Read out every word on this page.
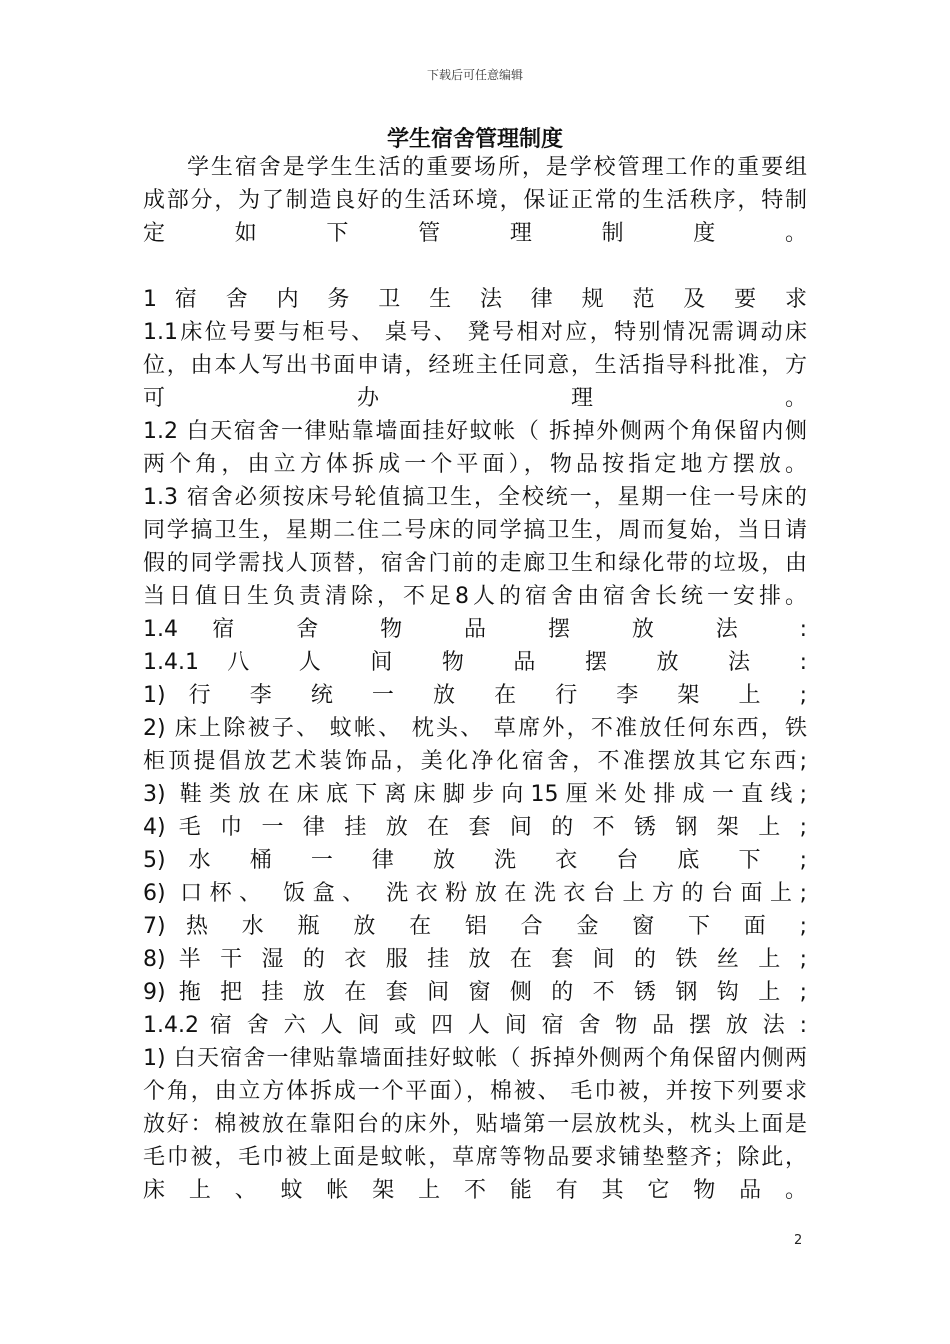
下载后可任意编辑
学生宿舍管理制度

学生宿舍是学生生活的重要场所，是学校管理工作的重要组
成部分，为了制造良好的生活环境，保证正常的生活秩序，特制
定 如 下 管 理 制 度 。

1 宿 舍 内 务 卫 生 法 律 规 范 及 要 求

1.1床位号要与柜号、 桌号、 凳号相对应，特别情况需调动床
位，由本人写出书面申请，经班主任同意，生活指导科批准，方
可 办 理 。

1.2 白天宿舍一律贴靠墙面挂好蚊帐（ 拆掉外侧两个角保留内侧
两个角，由立方体拆成一个平面），物品按指定地方摆放。

1.3 宿舍必须按床号轮值搞卫生，全校统一，星期一住一号床的
同学搞卫生，星期二住二号床的同学搞卫生，周而复始，当日请
假的同学需找人顶替，宿舍门前的走廊卫生和绿化带的垃圾，由
当日值日生负责清除，不足8人的宿舍由宿舍长统一安排。

1.4 宿 舍 物 品 摆 放 法 :

1.4.1 八 人 间 物 品 摆 放 法 :

1) 行 李 统 一 放 在 行 李 架 上 ;

2) 床上除被子、 蚊帐、 枕头、 草席外，不准放任何东西，铁
柜顶提倡放艺术装饰品，美化净化宿舍，不准摆放其它东西;

3) 鞋类放在床底下离床脚步向15厘米处排成一直线;

4) 毛 巾 一 律 挂 放 在 套 间 的 不 锈 钢 架 上 ;

5) 水 桶 一 律 放 洗 衣 台 底 下 ;

6) 口杯、 饭盒、 洗衣粉放在洗衣台上方的台面上;

7) 热 水 瓶 放 在 铝 合 金 窗 下 面 ;

8) 半 干 湿 的 衣 服 挂 放 在 套 间 的 铁 丝 上 ;

9) 拖 把 挂 放 在 套 间 窗 侧 的 不 锈 钢 钩 上 ;

1.4.2 宿 舍 六 人 间 或 四 人 间 宿 舍 物 品 摆 放 法 :

1) 白天宿舍一律贴靠墙面挂好蚊帐（ 拆掉外侧两个角保留内侧两
个角，由立方体拆成一个平面），棉被、 毛巾被，并按下列要求
放好：棉被放在靠阳台的床外，贴墙第一层放枕头，枕头上面是
毛巾被，毛巾被上面是蚊帐，草席等物品要求铺垫整齐；除此，
床 上 、 蚊 帐 架 上 不 能 有 其 它 物 品 。

2
